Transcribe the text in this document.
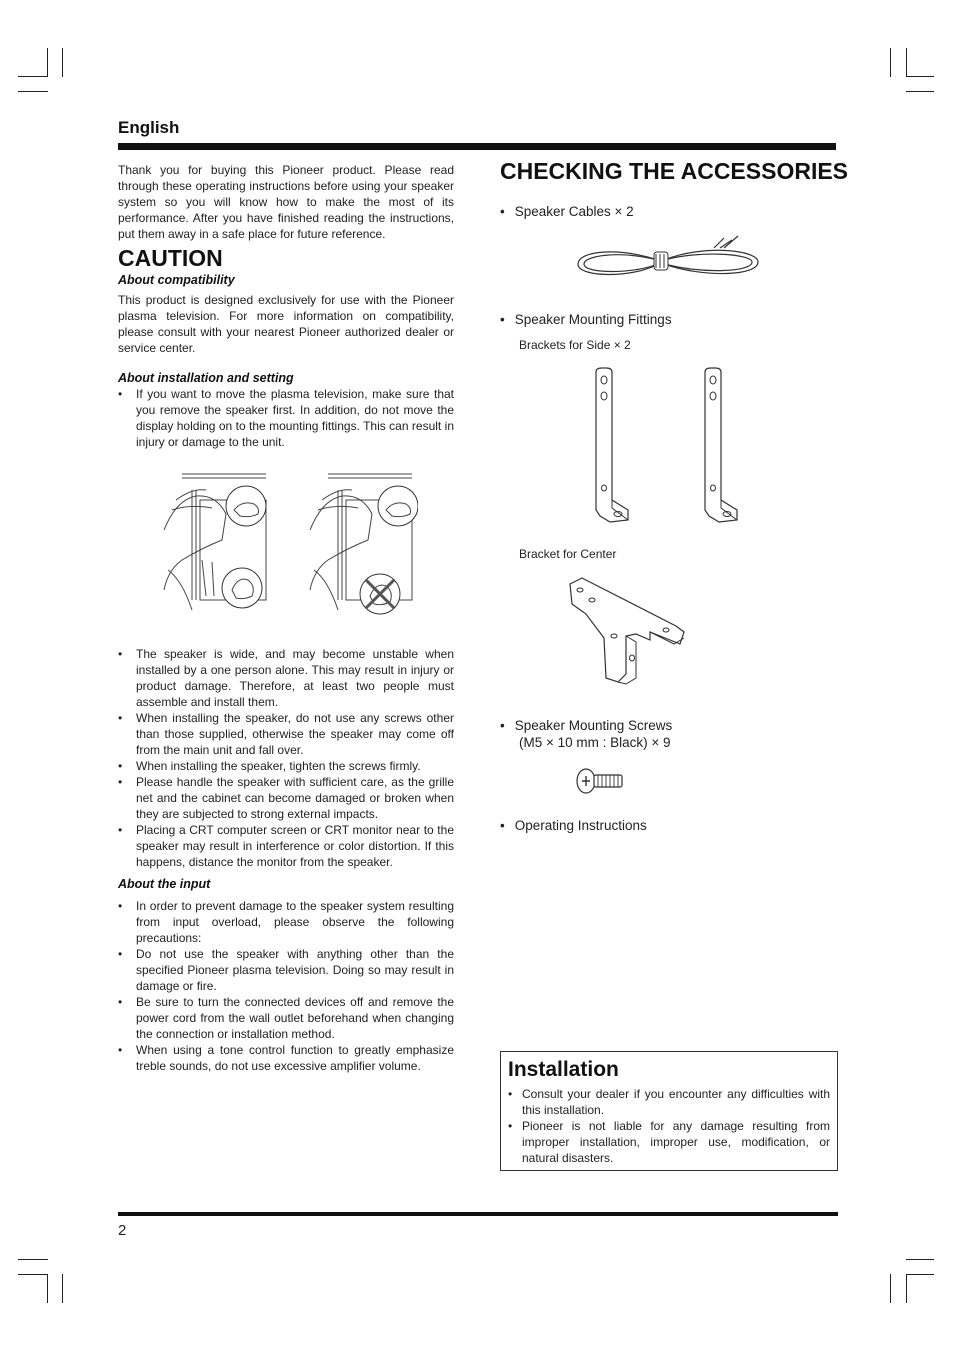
English

Thank you for buying this Pioneer product. Please read through these operating instructions before using your speaker system so you will know how to make the most of its performance. After you have finished reading the instructions, put them away in a safe place for future reference.

CAUTION
About compatibility

This product is designed exclusively for use with the Pioneer plasma television. For more information on compatibility, please consult with your nearest Pioneer authorized dealer or service center.

About installation and setting
• If you want to move the plasma television, make sure that you remove the speaker first. In addition, do not move the display holding on to the mounting fittings. This can result in injury or damage to the unit.
• The speaker is wide, and may become unstable when installed by a one person alone. This may result in injury or product damage. Therefore, at least two people must assemble and install them.
• When installing the speaker, do not use any screws other than those supplied, otherwise the speaker may come off from the main unit and fall over.
• When installing the speaker, tighten the screws firmly.
• Please handle the speaker with sufficient care, as the grille net and the cabinet can become damaged or broken when they are subjected to strong external impacts.
• Placing a CRT computer screen or CRT monitor near to the speaker may result in interference or color distortion. If this happens, distance the monitor from the speaker.
About the input
• In order to prevent damage to the speaker system resulting from input overload, please observe the following precautions:
• Do not use the speaker with anything other than the specified Pioneer plasma television. Doing so may result in damage or fire.
• Be sure to turn the connected devices off and remove the power cord from the wall outlet beforehand when changing the connection or installation method.
• When using a tone control function to greatly emphasize treble sounds, do not use excessive amplifier volume.
CHECKING THE ACCESSORIES
• Speaker Cables × 2
• Speaker Mounting Fittings
Brackets for Side × 2
Bracket for Center
• Speaker Mounting Screws
(M5 × 10 mm : Black) × 9
• Operating Instructions
Installation
• Consult your dealer if you encounter any difficulties with this installation.
• Pioneer is not liable for any damage resulting from improper installation, improper use, modification, or natural disasters.
2
